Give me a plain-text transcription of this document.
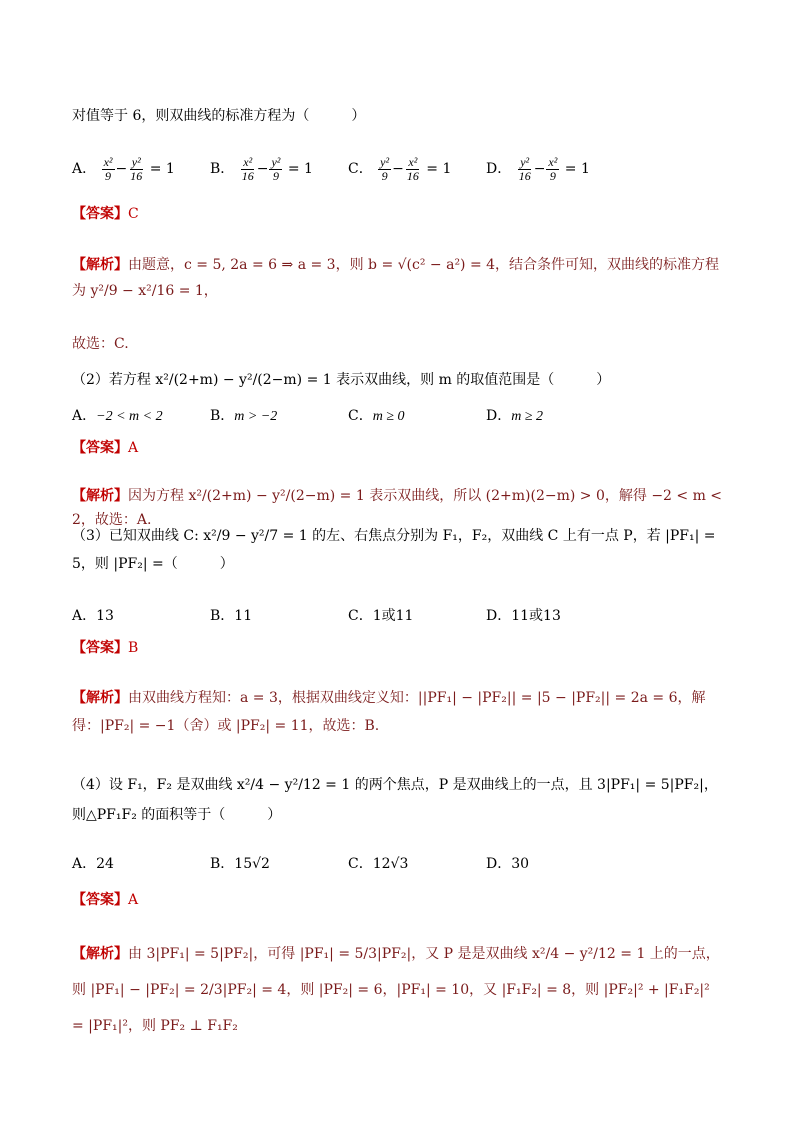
对值等于 6，则双曲线的标准方程为（　　　）
A． $\frac{\text{x²}}{9} - \frac{\text{y²}}{16} = 1$	B． $\frac{\text{x²}}{16} - \frac{\text{y²}}{9} = 1$	C． $\frac{\text{y²}}{9} - \frac{\text{x²}}{16} = 1D$． $\frac{\text{y²}}{16} - \frac{\text{x²}}{9} = 1$
【答案】C
【解析】由题意，c = 5, 2a = 6 ⇒ a = 3，则 b = √(c² − a²) = 4，结合条件可知，双曲线的标准方程为 y²/9 − x²/16 = 1，
故选：C.
（2）若方程 x²/(2+m) − y²/(2−m) = 1 表示双曲线，则 m 的取值范围是（　　　）
A．−2 < m < 2	B．m > −2	C．m ≥ 0	D．m ≥ 2
【答案】A
【解析】因为方程 x²/(2+m) − y²/(2−m) = 1 表示双曲线，所以 (2+m)(2−m) > 0，解得 −2 < m < 2，故选：A.
（3）已知双曲线 C: x²/9 − y²/7 = 1 的左、右焦点分别为 F₁，F₂，双曲线 C 上有一点 P，若 |PF₁| = 5，则 |PF₂| =（　　　）
A．13	B．11	C．1或11	D．11或13
【答案】B
【解析】由双曲线方程知：a = 3，根据双曲线定义知：||PF₁| − |PF₂|| = |5 − |PF₂|| = 2a = 6，解得：|PF₂| = −1（舍）或 |PF₂| = 11，故选：B.
（4）设 F₁，F₂ 是双曲线 x²/4 − y²/12 = 1 的两个焦点，P 是双曲线上的一点，且 3|PF₁| = 5|PF₂|，则△PF₁F₂ 的面积等于（　　　）
A．24	B．15√2	C．12√3	D．30
【答案】A
【解析】由 3|PF₁| = 5|PF₂|，可得 |PF₁| = 5/3|PF₂|，又 P 是是双曲线 x²/4 − y²/12 = 1 上的一点，则 |PF₁| − |PF₂| = 2/3|PF₂| = 4，则 |PF₂| = 6，|PF₁| = 10，又 |F₁F₂| = 8，则 |PF₂|² + |F₁F₂|² = |PF₁|²，则 PF₂ ⊥ F₁F₂
